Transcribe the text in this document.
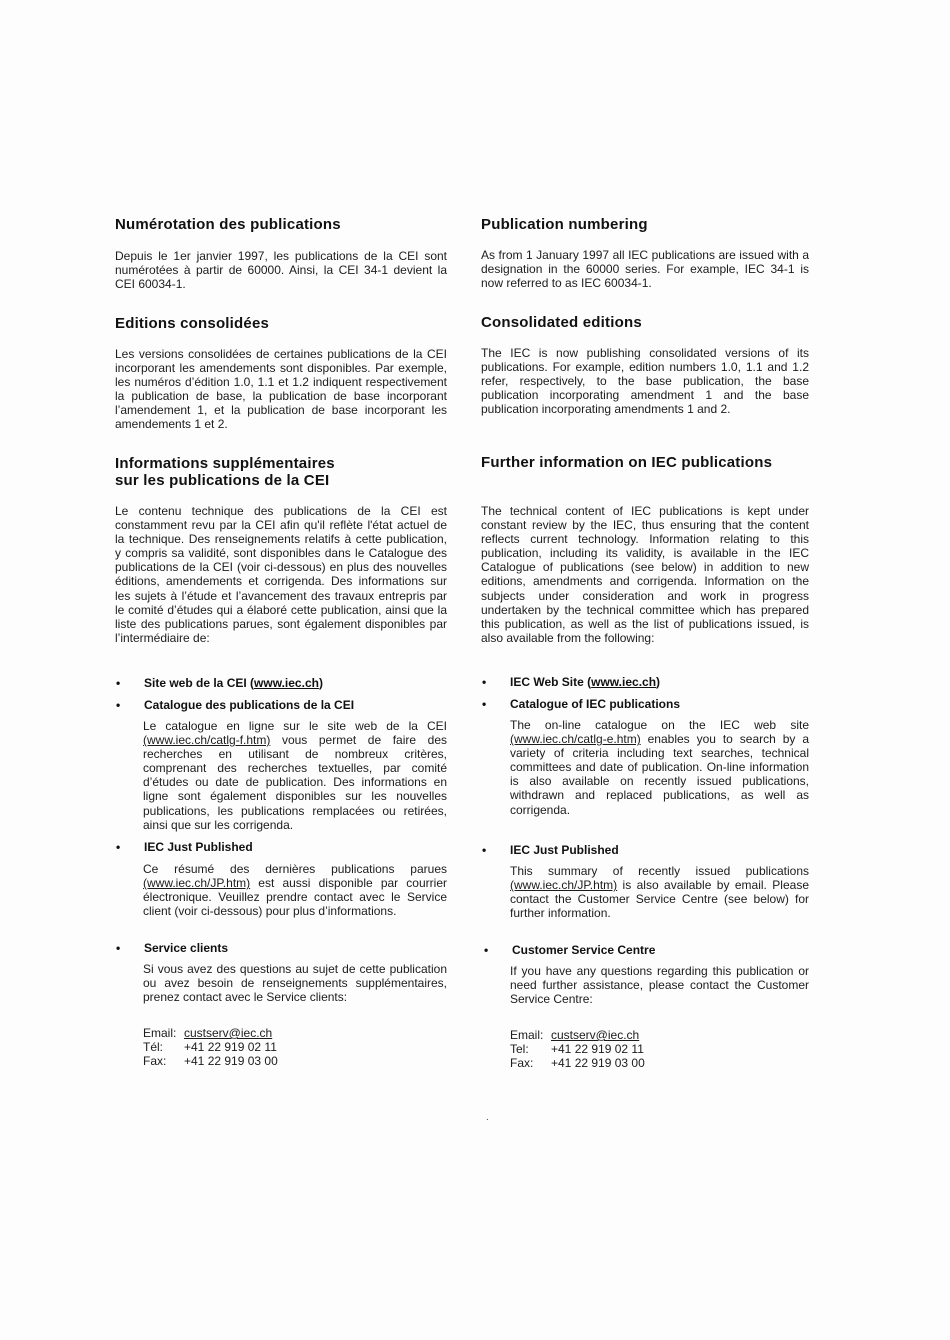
Numérotation des publications

Depuis le 1er janvier 1997, les publications de la CEI sont numérotées à partir de 60000. Ainsi, la CEI 34-1 devient la CEI 60034-1.

Editions consolidées

Les versions consolidées de certaines publications de la CEI incorporant les amendements sont disponibles. Par exemple, les numéros d’édition 1.0, 1.1 et 1.2 indiquent respectivement la publication de base, la publication de base incorporant l’amendement 1, et la publication de base incorporant les amendements 1 et 2.

Informations supplémentaires
sur les publications de la CEI

Le contenu technique des publications de la CEI est constamment revu par la CEI afin qu'il reflète l'état actuel de la technique. Des renseignements relatifs à cette publication, y compris sa validité, sont disponibles dans le Catalogue des publications de la CEI (voir ci-dessous) en plus des nouvelles éditions, amendements et corrigenda. Des informations sur les sujets à l’étude et l’avancement des travaux entrepris par le comité d’études qui a élaboré cette publication, ainsi que la liste des publications parues, sont également disponibles par l’intermédiaire de:

• Site web de la CEI (www.iec.ch)
• Catalogue des publications de la CEI

Le catalogue en ligne sur le site web de la CEI (www.iec.ch/catlg-f.htm) vous permet de faire des recherches en utilisant de nombreux critères, comprenant des recherches textuelles, par comité d’études ou date de publication. Des informations en ligne sont également disponibles sur les nouvelles publications, les publications remplacées ou retirées, ainsi que sur les corrigenda.

• IEC Just Published

Ce résumé des dernières publications parues (www.iec.ch/JP.htm) est aussi disponible par courrier électronique. Veuillez prendre contact avec le Service client (voir ci-dessous) pour plus d’informations.

• Service clients

Si vous avez des questions au sujet de cette publication ou avez besoin de renseignements supplémentaires, prenez contact avec le Service clients:

Email: custserv@iec.ch
Tél: +41 22 919 02 11
Fax: +41 22 919 03 00
Publication numbering

As from 1 January 1997 all IEC publications are issued with a designation in the 60000 series. For example, IEC 34-1 is now referred to as IEC 60034-1.

Consolidated editions

The IEC is now publishing consolidated versions of its publications. For example, edition numbers 1.0, 1.1 and 1.2 refer, respectively, to the base publication, the base publication incorporating amendment 1 and the base publication incorporating amendments 1 and 2.

Further information on IEC publications

The technical content of IEC publications is kept under constant review by the IEC, thus ensuring that the content reflects current technology. Information relating to this publication, including its validity, is available in the IEC Catalogue of publications (see below) in addition to new editions, amendments and corrigenda. Information on the subjects under consideration and work in progress undertaken by the technical committee which has prepared this publication, as well as the list of publications issued, is also available from the following:

• IEC Web Site (www.iec.ch)
• Catalogue of IEC publications

The on-line catalogue on the IEC web site (www.iec.ch/catlg-e.htm) enables you to search by a variety of criteria including text searches, technical committees and date of publication. On-line information is also available on recently issued publications, withdrawn and replaced publications, as well as corrigenda.

• IEC Just Published

This summary of recently issued publications (www.iec.ch/JP.htm) is also available by email. Please contact the Customer Service Centre (see below) for further information.

• Customer Service Centre

If you have any questions regarding this publication or need further assistance, please contact the Customer Service Centre:

Email: custserv@iec.ch
Tel: +41 22 919 02 11
Fax: +41 22 919 03 00
.
